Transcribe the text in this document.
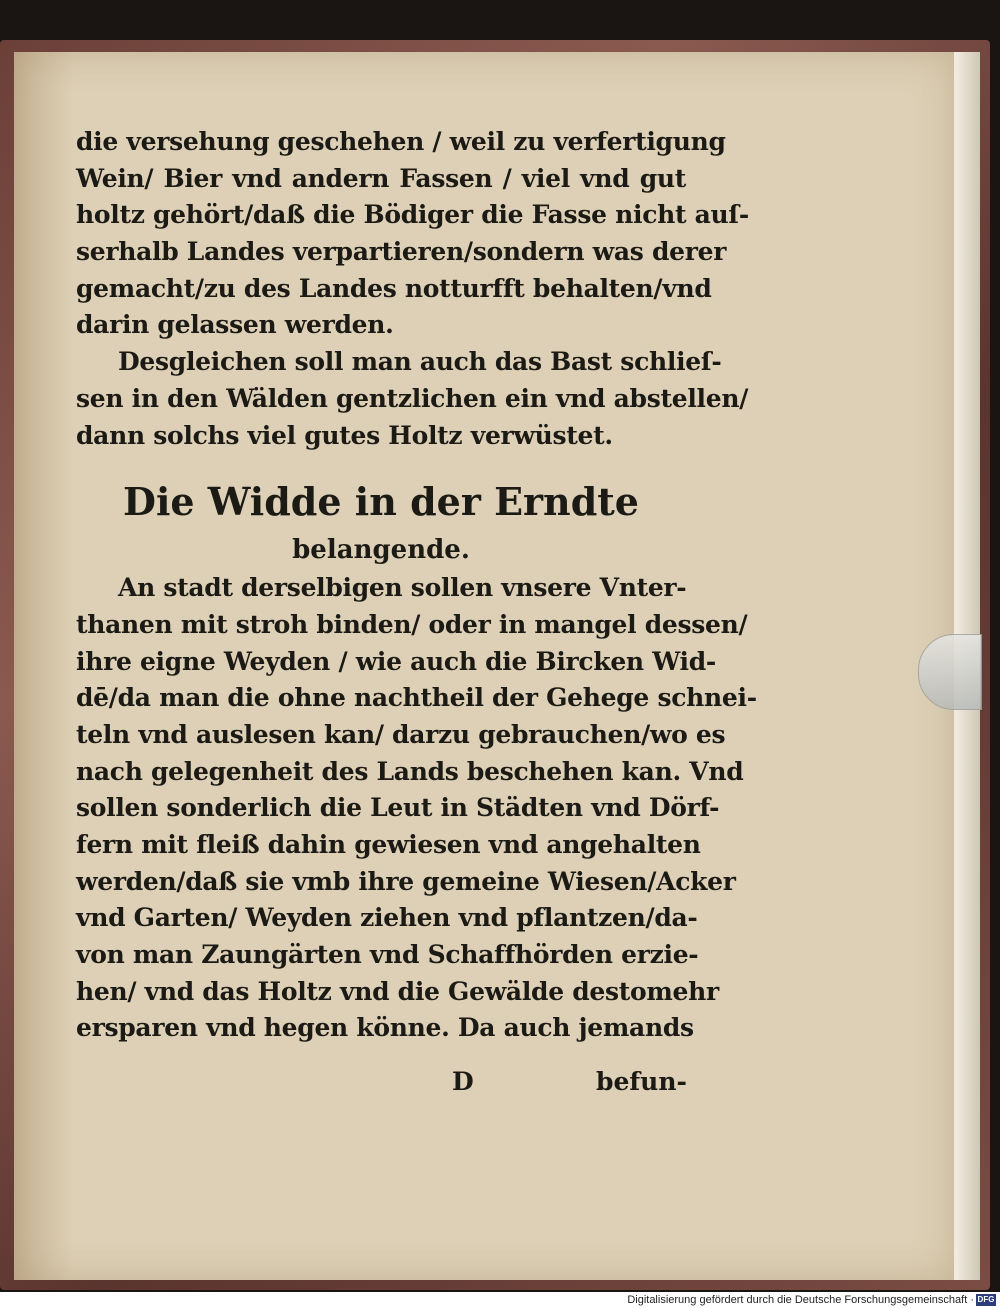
die versehung geschehen / weil zu verfertigung
Wein/ Bier vnd andern Fassen / viel vnd gut
holtz gehört/daß die Bödiger die Fasse nicht auſ-
serhalb Landes verpartieren/sondern was derer
gemacht/zu des Landes notturfft behalten/vnd
darin gelassen werden.
Desgleichen soll man auch das Bast schlieſ-
sen in den Wälden gentzlichen ein vnd abstellen/
dann solchs viel gutes Holtz verwüstet.
Die Widde in der Erndte
belangende.
An stadt derselbigen sollen vnsere Vnter-
thanen mit stroh binden/ oder in mangel dessen/
ihre eigne Weyden / wie auch die Bircken Wid-
dē/da man die ohne nachtheil der Gehege schnei-
teln vnd auslesen kan/ darzu gebrauchen/wo es
nach gelegenheit des Lands beschehen kan. Vnd
sollen sonderlich die Leut in Städten vnd Dörf-
fern mit fleiß dahin gewiesen vnd angehalten
werden/daß sie vmb ihre gemeine Wiesen/Acker
vnd Garten/ Weyden ziehen vnd pflantzen/da-
von man Zaungärten vnd Schaffhörden erzie-
hen/ vnd das Holtz vnd die Gewälde destomehr
ersparen vnd hegen könne. Da auch jemands
D	befun-
Digitalisierung gefördert durch die Deutsche Forschungsgemeinschaft · DFG
